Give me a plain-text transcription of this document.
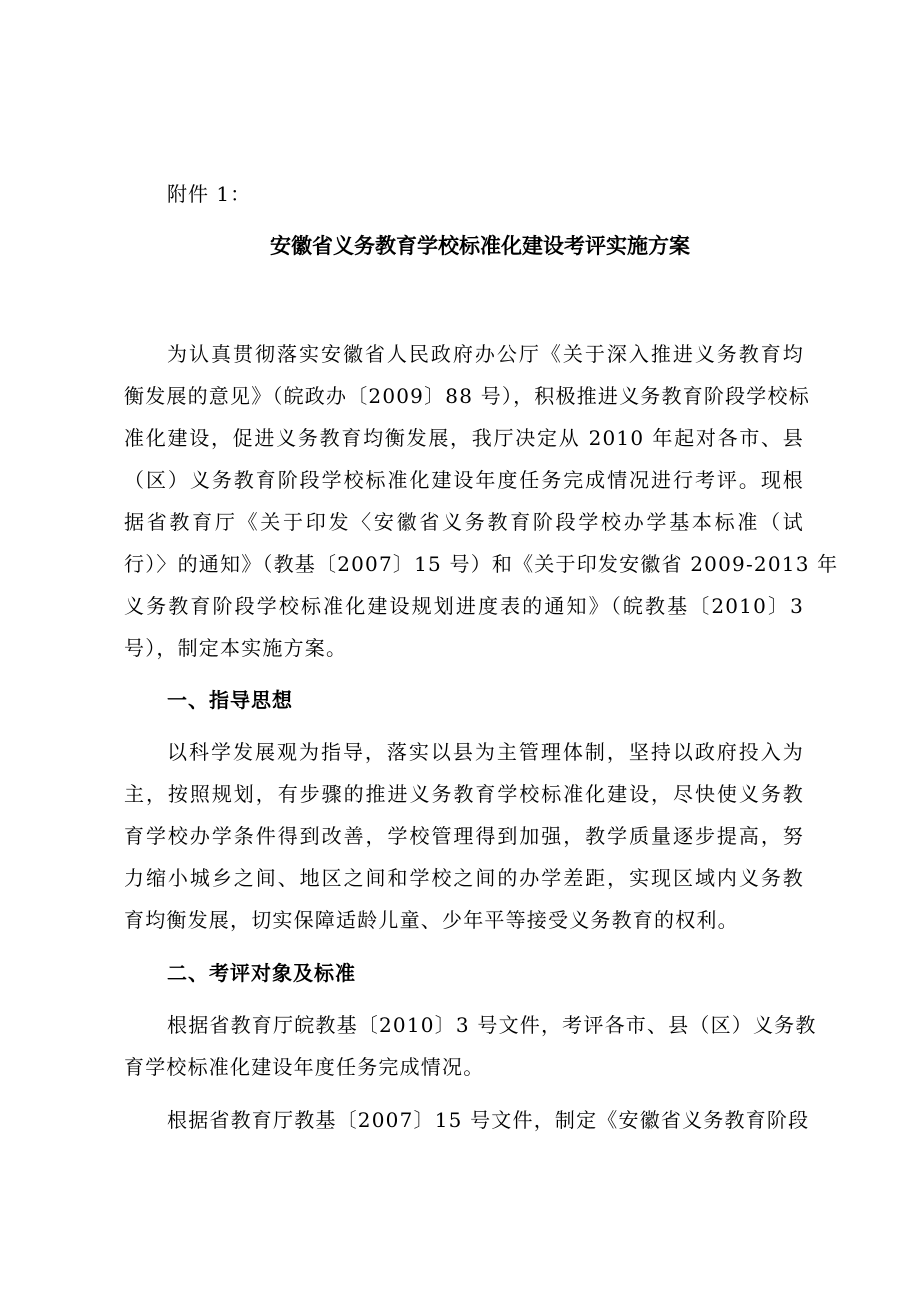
附件 1：
安徽省义务教育学校标准化建设考评实施方案
为认真贯彻落实安徽省人民政府办公厅《关于深入推进义务教育均
衡发展的意见》（皖政办〔2009〕88 号），积极推进义务教育阶段学校标
准化建设，促进义务教育均衡发展，我厅决定从 2010 年起对各市、县
（区）义务教育阶段学校标准化建设年度任务完成情况进行考评。现根
据省教育厅《关于印发〈安徽省义务教育阶段学校办学基本标准（试
行）〉的通知》（教基〔2007〕15 号）和《关于印发安徽省 2009-2013 年
义务教育阶段学校标准化建设规划进度表的通知》（皖教基〔2010〕3
号），制定本实施方案。
一、指导思想
以科学发展观为指导，落实以县为主管理体制，坚持以政府投入为
主，按照规划，有步骤的推进义务教育学校标准化建设，尽快使义务教
育学校办学条件得到改善，学校管理得到加强，教学质量逐步提高，努
力缩小城乡之间、地区之间和学校之间的办学差距，实现区域内义务教
育均衡发展，切实保障适龄儿童、少年平等接受义务教育的权利。
二、考评对象及标准
根据省教育厅皖教基〔2010〕3 号文件，考评各市、县（区）义务教
育学校标准化建设年度任务完成情况。
根据省教育厅教基〔2007〕15 号文件，制定《安徽省义务教育阶段
